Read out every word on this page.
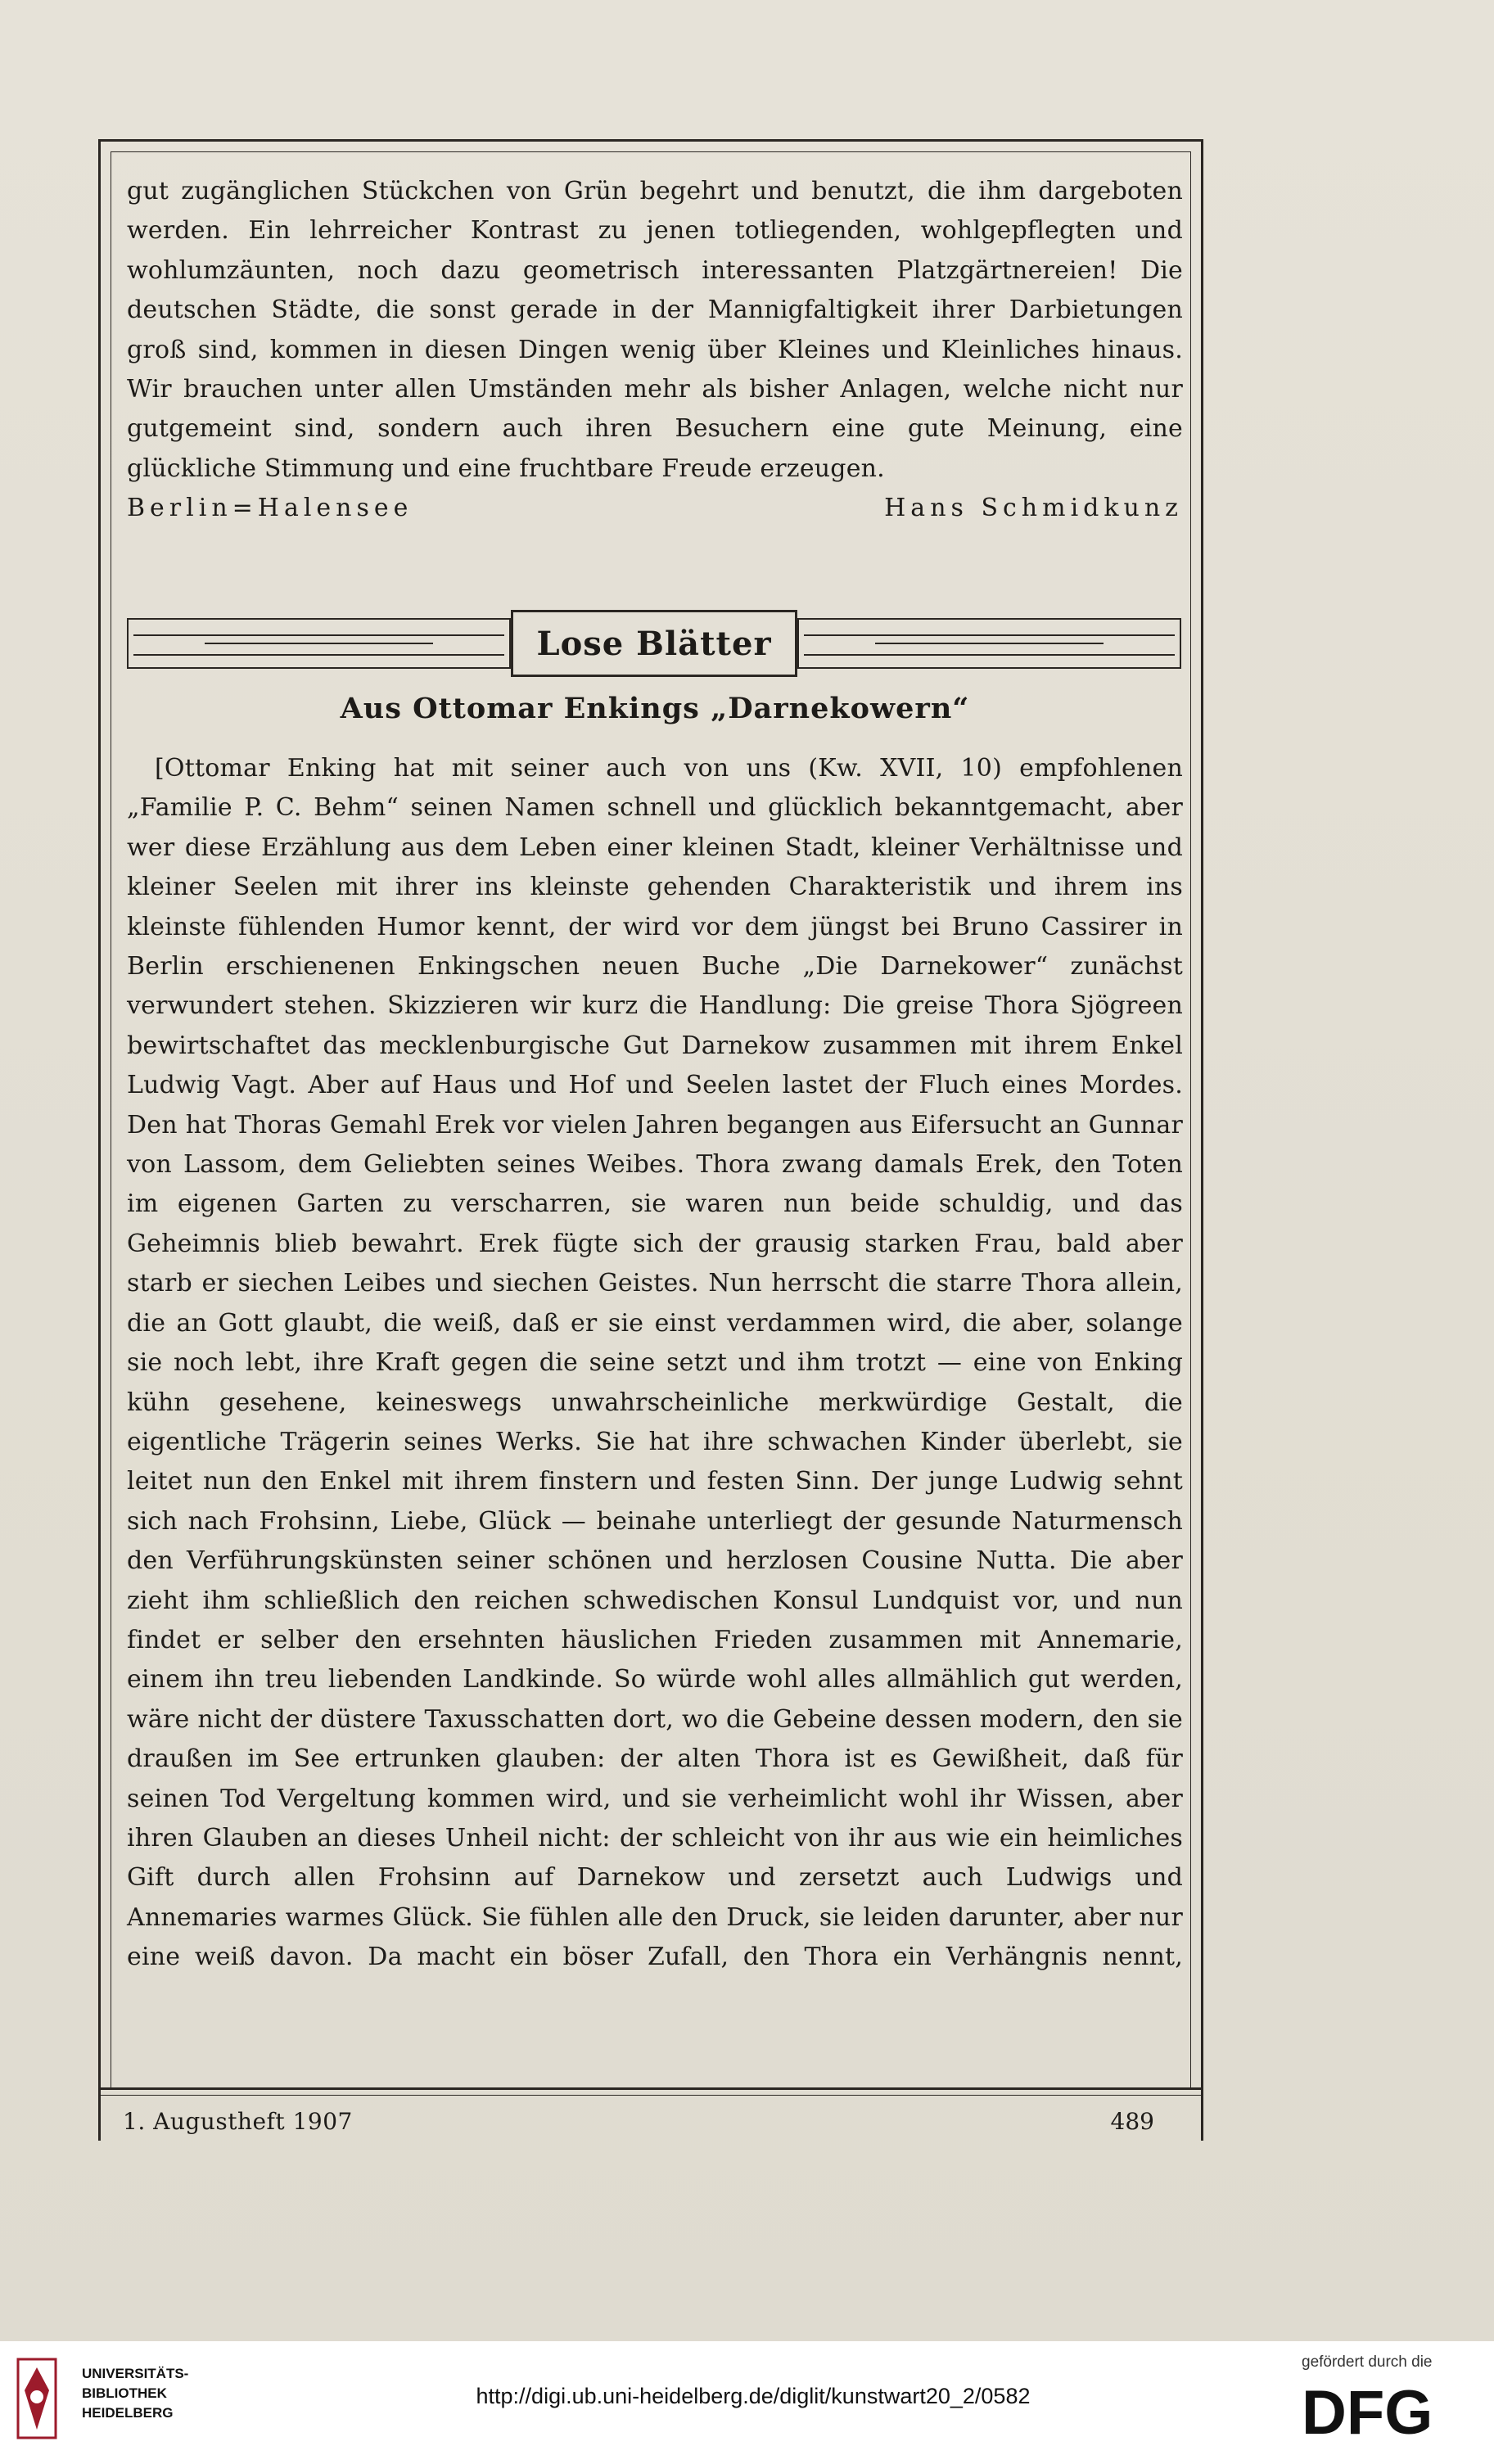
gut zugänglichen Stückchen von Grün begehrt und benutzt, die ihm dargeboten werden. Ein lehrreicher Kontrast zu jenen totliegenden, wohlgepflegten und wohlumzäunten, noch dazu geometrisch interessanten Platzgärtnereien! Die deutschen Städte, die sonst gerade in der Mannigfaltigkeit ihrer Darbietungen groß sind, kommen in diesen Dingen wenig über Kleines und Kleinliches hinaus. Wir brauchen unter allen Umständen mehr als bisher Anlagen, welche nicht nur gutgemeint sind, sondern auch ihren Besuchern eine gute Meinung, eine glückliche Stimmung und eine fruchtbare Freude erzeugen.

Berlin=Halensee	Hans Schmidkunz
Lose Blätter
Aus Ottomar Enkings „Darnekowern“

[Ottomar Enking hat mit seiner auch von uns (Kw. XVII, 10) empfohlenen „Familie P. C. Behm“ seinen Namen schnell und glücklich bekanntgemacht, aber wer diese Erzählung aus dem Leben einer kleinen Stadt, kleiner Verhältnisse und kleiner Seelen mit ihrer ins kleinste gehenden Charakteristik und ihrem ins kleinste fühlenden Humor kennt, der wird vor dem jüngst bei Bruno Cassirer in Berlin erschienenen Enkingschen neuen Buche „Die Darnekower“ zunächst verwundert stehen. Skizzieren wir kurz die Handlung: Die greise Thora Sjögreen bewirtschaftet das mecklenburgische Gut Darnekow zusammen mit ihrem Enkel Ludwig Vagt. Aber auf Haus und Hof und Seelen lastet der Fluch eines Mordes. Den hat Thoras Gemahl Erek vor vielen Jahren begangen aus Eifersucht an Gunnar von Lassom, dem Geliebten seines Weibes. Thora zwang damals Erek, den Toten im eigenen Garten zu verscharren, sie waren nun beide schuldig, und das Geheimnis blieb bewahrt. Erek fügte sich der grausig starken Frau, bald aber starb er siechen Leibes und siechen Geistes. Nun herrscht die starre Thora allein, die an Gott glaubt, die weiß, daß er sie einst verdammen wird, die aber, solange sie noch lebt, ihre Kraft gegen die seine setzt und ihm trotzt — eine von Enking kühn gesehene, keineswegs unwahrscheinliche merkwürdige Gestalt, die eigentliche Trägerin seines Werks. Sie hat ihre schwachen Kinder überlebt, sie leitet nun den Enkel mit ihrem finstern und festen Sinn. Der junge Ludwig sehnt sich nach Frohsinn, Liebe, Glück — beinahe unterliegt der gesunde Naturmensch den Verführungskünsten seiner schönen und herzlosen Cousine Nutta. Die aber zieht ihm schließlich den reichen schwedischen Konsul Lundquist vor, und nun findet er selber den ersehnten häuslichen Frieden zusammen mit Annemarie, einem ihn treu liebenden Landkinde. So würde wohl alles allmählich gut werden, wäre nicht der düstere Taxusschatten dort, wo die Gebeine dessen modern, den sie draußen im See ertrunken glauben: der alten Thora ist es Gewißheit, daß für seinen Tod Vergeltung kommen wird, und sie verheimlicht wohl ihr Wissen, aber ihren Glauben an dieses Unheil nicht: der schleicht von ihr aus wie ein heimliches Gift durch allen Frohsinn auf Darnekow und zersetzt auch Ludwigs und Annemaries warmes Glück. Sie fühlen alle den Druck, sie leiden darunter, aber nur eine weiß davon. Da macht ein böser Zufall, den Thora ein Verhängnis nennt,

1. Augustheft 1907	489
UNIVERSITÄTS-
BIBLIOTHEK
HEIDELBERG
http://digi.ub.uni-heidelberg.de/diglit/kunstwart20_2/0582
gefördert durch die
DFG
